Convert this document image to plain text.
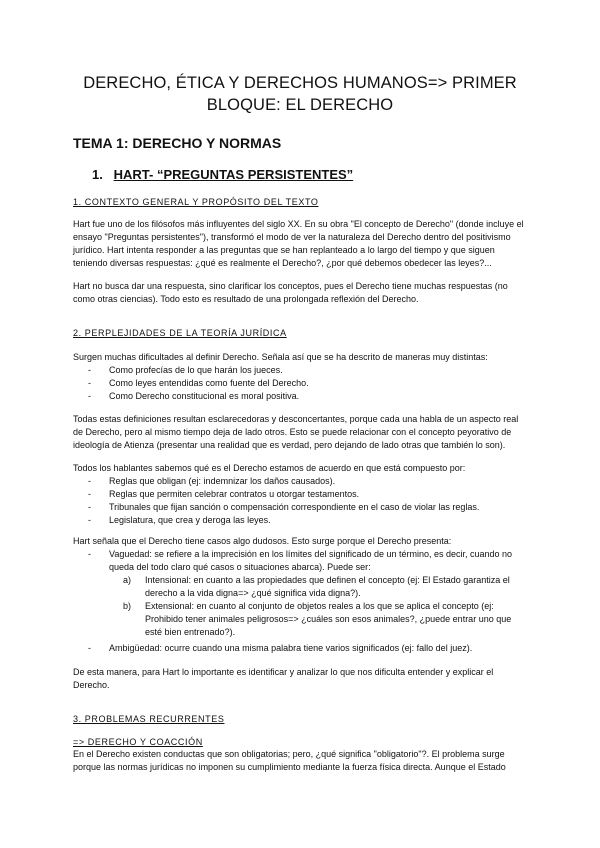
DERECHO, ÉTICA Y DERECHOS HUMANOS=> PRIMER BLOQUE: EL DERECHO
TEMA 1: DERECHO Y NORMAS
1. HART- “PREGUNTAS PERSISTENTES”
1. CONTEXTO GENERAL Y PROPÓSITO DEL TEXTO

Hart fue uno de los filósofos más influyentes del siglo XX. En su obra "El concepto de Derecho" (donde incluye el ensayo "Preguntas persistentes"), transformó el modo de ver la naturaleza del Derecho dentro del positivismo jurídico. Hart intenta responder a las preguntas que se han replanteado a lo largo del tiempo y que siguen teniendo diversas respuestas: ¿qué es realmente el Derecho?, ¿por qué debemos obedecer las leyes?...

Hart no busca dar una respuesta, sino clarificar los conceptos, pues el Derecho tiene muchas respuestas (no como otras ciencias). Todo esto es resultado de una prolongada reflexión del Derecho.

2. PERPLEJIDADES DE LA TEORÍA JURÍDICA

Surgen muchas dificultades al definir Derecho. Señala así que se ha descrito de maneras muy distintas:

- Como profecías de lo que harán los jueces.
- Como leyes entendidas como fuente del Derecho.
- Como Derecho constitucional es moral positiva.

Todas estas definiciones resultan esclarecedoras y desconcertantes, porque cada una habla de un aspecto real de Derecho, pero al mismo tiempo deja de lado otros. Esto se puede relacionar con el concepto peyorativo de ideología de Atienza (presentar una realidad que es verdad, pero dejando de lado otras que también lo son).

Todos los hablantes sabemos qué es el Derecho estamos de acuerdo en que está compuesto por:

- Reglas que obligan (ej: indemnizar los daños causados).
- Reglas que permiten celebrar contratos u otorgar testamentos.
- Tribunales que fijan sanción o compensación correspondiente en el caso de violar las reglas.
- Legislatura, que crea y deroga las leyes.

Hart señala que el Derecho tiene casos algo dudosos. Esto surge porque el Derecho presenta:

- Vaguedad: se refiere a la imprecisión en los límites del significado de un término, es decir, cuando no queda del todo claro qué casos o situaciones abarca). Puede ser:
a) Intensional: en cuanto a las propiedades que definen el concepto (ej: El Estado garantiza el derecho a la vida digna=> ¿qué significa vida digna?).
b) Extensional: en cuanto al conjunto de objetos reales a los que se aplica el concepto (ej: Prohibido tener animales peligrosos=> ¿cuáles son esos animales?, ¿puede entrar uno que esté bien entrenado?).
- Ambigüedad: ocurre cuando una misma palabra tiene varios significados (ej: fallo del juez).

De esta manera, para Hart lo importante es identificar y analizar lo que nos dificulta entender y explicar el Derecho.

3. PROBLEMAS RECURRENTES
=> DERECHO Y COACCIÓN

En el Derecho existen conductas que son obligatorias; pero, ¿qué significa "obligatorio"?. El problema surge porque las normas jurídicas no imponen su cumplimiento mediante la fuerza física directa. Aunque el Estado
